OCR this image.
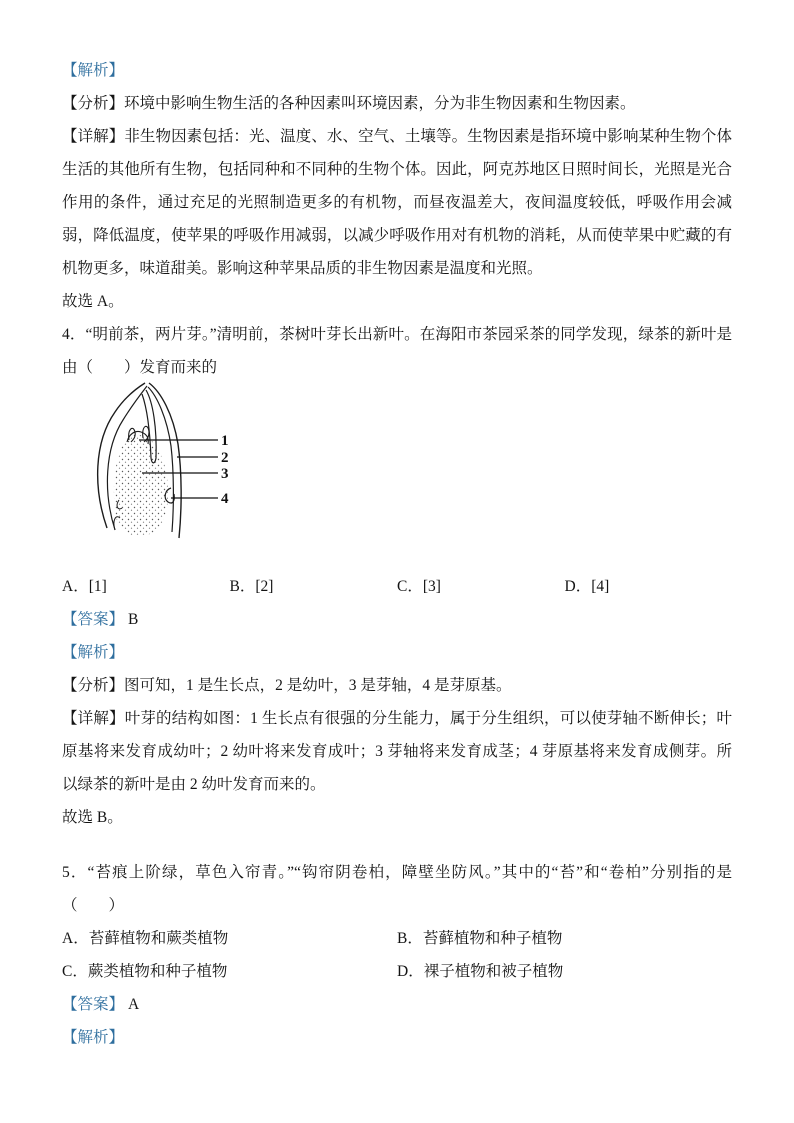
【解析】

【分析】环境中影响生物生活的各种因素叫环境因素，分为非生物因素和生物因素。

【详解】非生物因素包括：光、温度、水、空气、土壤等。生物因素是指环境中影响某种生物个体生活的其他所有生物，包括同种和不同种的生物个体。因此，阿克苏地区日照时间长，光照是光合作用的条件，通过充足的光照制造更多的有机物，而昼夜温差大，夜间温度较低，呼吸作用会减弱，降低温度，使苹果的呼吸作用减弱，以减少呼吸作用对有机物的消耗，从而使苹果中贮藏的有机物更多，味道甜美。影响这种苹果品质的非生物因素是温度和光照。

故选 A。

4．“明前茶，两片芽。”清明前，茶树叶芽长出新叶。在海阳市茶园采茶的同学发现，绿茶的新叶是由（　　）发育而来的

1
2
3
4
A．[1]	B．[2]	C．[3]	D．[4]

【答案】 B

【解析】

【分析】图可知，1 是生长点，2 是幼叶，3 是芽轴，4 是芽原基。

【详解】叶芽的结构如图：1 生长点有很强的分生能力，属于分生组织，可以使芽轴不断伸长；叶原基将来发育成幼叶；2 幼叶将来发育成叶；3 芽轴将来发育成茎；4 芽原基将来发育成侧芽。所以绿茶的新叶是由 2 幼叶发育而来的。

故选 B。

5．“苔痕上阶绿，草色入帘青。”“钩帘阴卷柏，障壁坐防风。”其中的“苔”和“卷柏”分别指的是（　　）

A．苔藓植物和蕨类植物	B．苔藓植物和种子植物
C．蕨类植物和种子植物	D．裸子植物和被子植物

【答案】 A

【解析】
